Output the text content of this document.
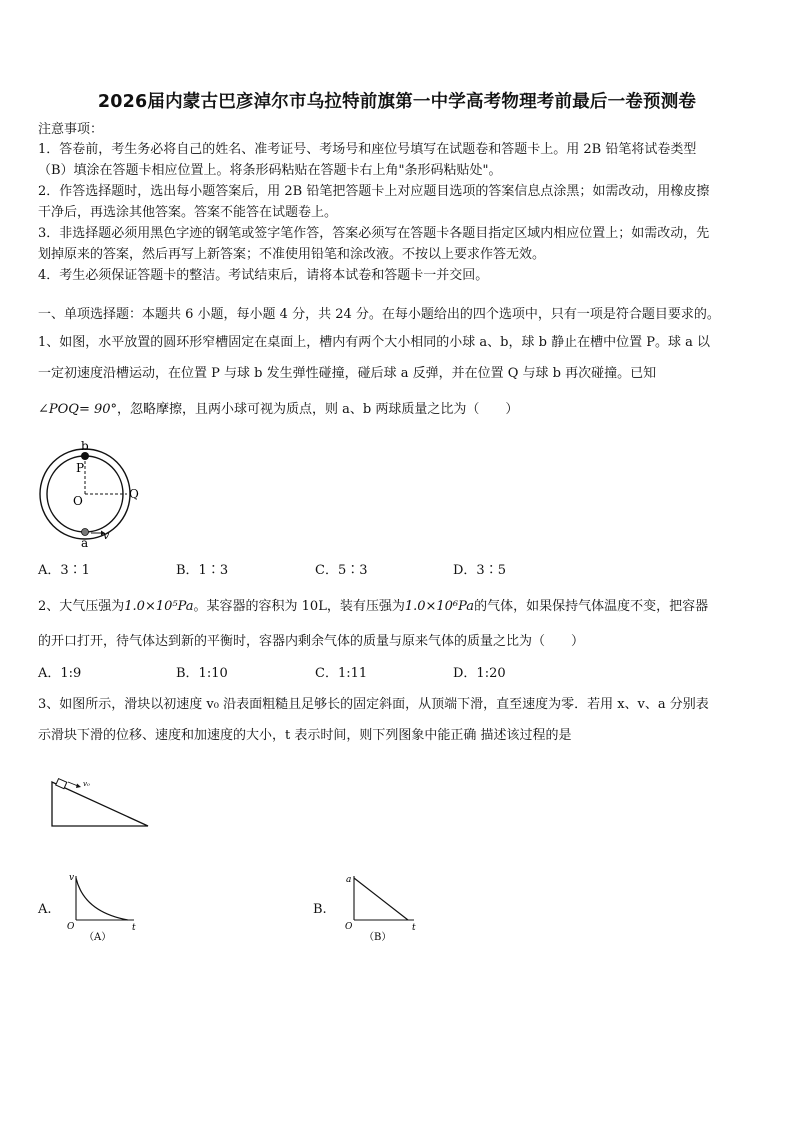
2026届内蒙古巴彦淖尔市乌拉特前旗第一中学高考物理考前最后一卷预测卷
注意事项：
1．答卷前，考生务必将自己的姓名、准考证号、考场号和座位号填写在试题卷和答题卡上。用 2B 铅笔将试卷类型
（B）填涂在答题卡相应位置上。将条形码粘贴在答题卡右上角"条形码粘贴处"。
2．作答选择题时，选出每小题答案后，用 2B 铅笔把答题卡上对应题目选项的答案信息点涂黑；如需改动，用橡皮擦
干净后，再选涂其他答案。答案不能答在试题卷上。
3．非选择题必须用黑色字迹的钢笔或签字笔作答，答案必须写在答题卡各题目指定区域内相应位置上；如需改动，先
划掉原来的答案，然后再写上新答案；不准使用铅笔和涂改液。不按以上要求作答无效。
4．考生必须保证答题卡的整洁。考试结束后，请将本试卷和答题卡一并交回。
一、单项选择题：本题共 6 小题，每小题 4 分，共 24 分。在每小题给出的四个选项中，只有一项是符合题目要求的。
1、如图，水平放置的圆环形窄槽固定在桌面上，槽内有两个大小相同的小球 a、b，球 b 静止在槽中位置 P。球 a 以
一定初速度沿槽运动，在位置 P 与球 b 发生弹性碰撞，碰后球 a 反弹，并在位置 Q 与球 b 再次碰撞。已知
∠POQ= 90°，忽略摩擦，且两小球可视为质点，则 a、b 两球质量之比为（　　）
b
P
O	Q
a
v
A．3∶1	B．1∶3	C．5∶3	D．3∶5
2、大气压强为1.0×10⁵Pa。某容器的容积为 10L，装有压强为1.0×10⁶Pa的气体，如果保持气体温度不变，把容器
的开口打开，待气体达到新的平衡时，容器内剩余气体的质量与原来气体的质量之比为（　　）
A．1:9	B．1:10	C．1:11	D．1:20
3、如图所示，滑块以初速度 v₀ 沿表面粗糙且足够长的固定斜面，从顶端下滑，直至速度为零．若用 x、v、a 分别表
示滑块下滑的位移、速度和加速度的大小，t 表示时间，则下列图象中能正确 描述该过程的是
v₀
A.
v
t
O
（A）
B.
a
t
O
（B）
